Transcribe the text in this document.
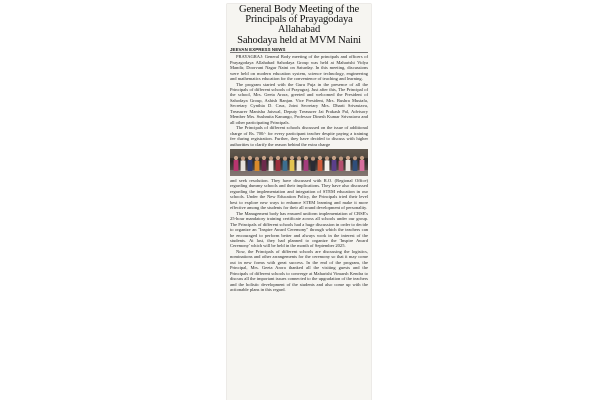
General Body Meeting of the
Principals of Prayagodaya Allahabad
Sahodaya held at MVM Naini
JEEVAN EXPRESS NEWS

PRAYAGRAJ: General Body meeting of the principals and officers of Prayagodaya Allahabad Sahodaya Group was held at Maharishi Vidya Mandir, Doorvani Nagar Naini on Saturday. In this meeting, discussions were held on modern education system, science technology, engineering and mathematics education for the convenience of teaching and learning.

The program started with the Guru Puja in the presence of all the Principals of different schools of Prayagraj. Just after this, The Principal of the school, Mrs. Geeta Arora, greeted and welcomed the President of Sahodaya Group, Ashish Ranjan. Vice President, Mrs. Bushra Mustafa, Secretary Cynthia D. Cruz, Joint Secretary Mrs. Dharti Srivastava, Treasurer Manisha Jaiswal, Deputy Treasurer Jai Prakash Pal, Advisory Member Mrs. Sushmita Kanungo, Professor Dinesh Kumar Srivastava and all other participating Principals.

The Principals of different schools discussed on the issue of additional charge of Rs. 700/- for every participant teacher despite paying a training fee during registration. Further, they have decided to discuss with higher authorities to clarify the reason behind the extra charge

and seek resolution. They have discussed with R.O. (Regional Office) regarding dummy schools and their implications. They have also discussed regarding the implementation and integration of STEM education in our schools. Under the New Education Policy, the Principals tried their level best to explore new ways to enhance STEM learning and make it more effective among the students for their all round development of personality.

The Management body has ensured uniform implementation of CBSE's 25-hour mandatory training certificate across all schools under our group. The Principals of different schools had a huge discussion in order to decide to organize an "Inspire Award Ceremony" through which the teachers can be encouraged to perform better and always work in the interest of the students. At last, they had planned to organize the 'Inspire Award Ceremony' which will be held in the month of September 2025.

Now, the Principals of different schools are discussing the logistics, nominations and other arrangements for the ceremony so that it may come out in new forms with great success. In the end of the program, the Principal, Mrs. Geeta Arora thanked all the visiting guests and the Principals of different schools to converge at Maharishi Vimarsh Kendra to discuss all the important issues connected to the upgradation of the teachers and the holistic development of the students and also come up with the actionable plans in this regard.
